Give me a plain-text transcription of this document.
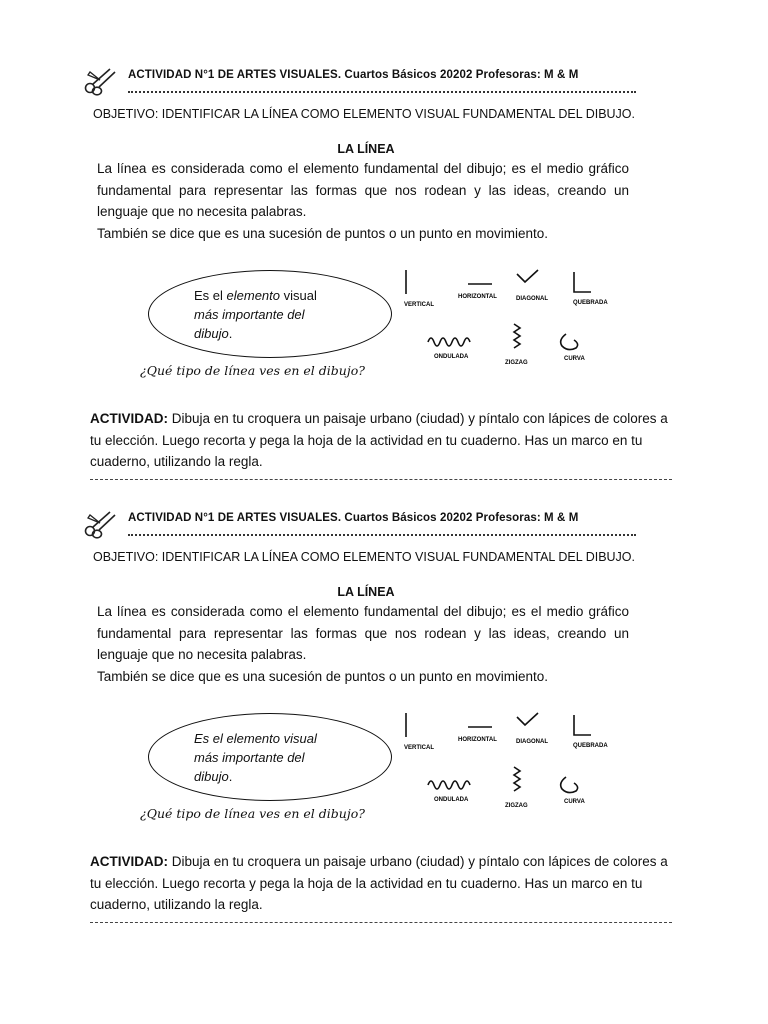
ACTIVIDAD N°1 DE ARTES VISUALES. Cuartos Básicos 20202 Profesoras: M & M
OBJETIVO: IDENTIFICAR LA LÍNEA COMO ELEMENTO VISUAL FUNDAMENTAL DEL DIBUJO.
LA LÍNEA

La línea es considerada como el elemento fundamental del dibujo; es el medio gráfico fundamental para representar las formas que nos rodean y las ideas, creando un lenguaje que no necesita palabras.

También se dice que es una sucesión de puntos o un punto en movimiento.

Es el elemento visual
más importante del
dibujo.
¿Qué tipo de línea ves en el dibujo?
VERTICAL
HORIZONTAL	DIAGONAL
QUEBRADA
ONDULADA
ZIGZAG
CURVA
ACTIVIDAD: Dibuja en tu croquera un paisaje urbano (ciudad) y píntalo con lápices de colores a tu elección. Luego recorta y pega la hoja de la actividad en tu cuaderno. Has un marco en tu cuaderno, utilizando la regla.
ACTIVIDAD N°1 DE ARTES VISUALES. Cuartos Básicos 20202 Profesoras: M & M
OBJETIVO: IDENTIFICAR LA LÍNEA COMO ELEMENTO VISUAL FUNDAMENTAL DEL DIBUJO.
LA LÍNEA

La línea es considerada como el elemento fundamental del dibujo; es el medio gráfico fundamental para representar las formas que nos rodean y las ideas, creando un lenguaje que no necesita palabras.

También se dice que es una sucesión de puntos o un punto en movimiento.

Es el elemento visual
más importante del
dibujo.
¿Qué tipo de línea ves en el dibujo?
VERTICAL
HORIZONTAL	DIAGONAL
QUEBRADA
ONDULADA
ZIGZAG
CURVA
ACTIVIDAD: Dibuja en tu croquera un paisaje urbano (ciudad) y píntalo con lápices de colores a tu elección. Luego recorta y pega la hoja de la actividad en tu cuaderno. Has un marco en tu cuaderno, utilizando la regla.
